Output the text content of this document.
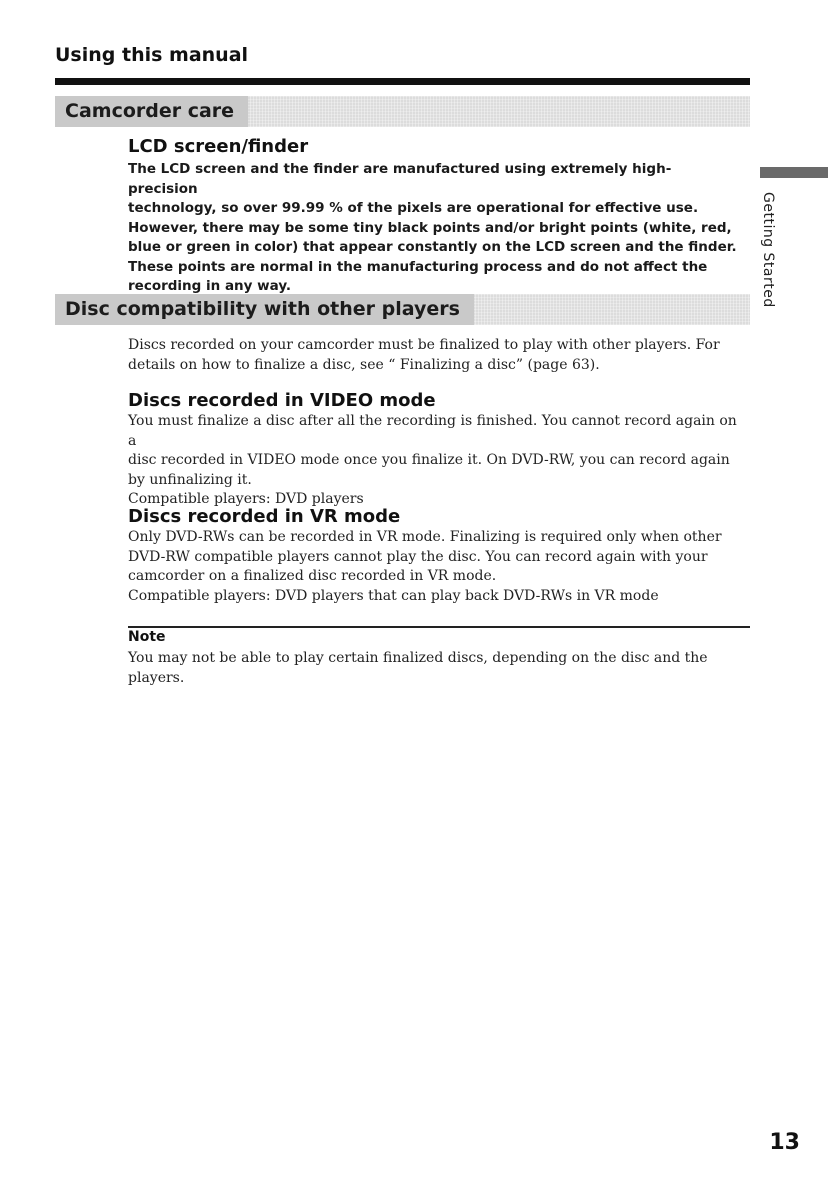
Using this manual
Camcorder care
LCD screen/finder
The LCD screen and the finder are manufactured using extremely high-precision
technology, so over 99.99 % of the pixels are operational for effective use.
However, there may be some tiny black points and/or bright points (white, red,
blue or green in color) that appear constantly on the LCD screen and the finder.
These points are normal in the manufacturing process and do not affect the
recording in any way.
Disc compatibility with other players
Discs recorded on your camcorder must be finalized to play with other players. For
details on how to finalize a disc, see “ Finalizing a disc” (page 63).
Discs recorded in VIDEO mode
You must finalize a disc after all the recording is finished. You cannot record again on a
disc recorded in VIDEO mode once you finalize it. On DVD-RW, you can record again
by unfinalizing it.
Compatible players: DVD players
Discs recorded in VR mode
Only DVD-RWs can be recorded in VR mode. Finalizing is required only when other
DVD-RW compatible players cannot play the disc. You can record again with your
camcorder on a finalized disc recorded in VR mode.
Compatible players: DVD players that can play back DVD-RWs in VR mode
Note
You may not be able to play certain finalized discs, depending on the disc and the
players.
Getting Started
13
